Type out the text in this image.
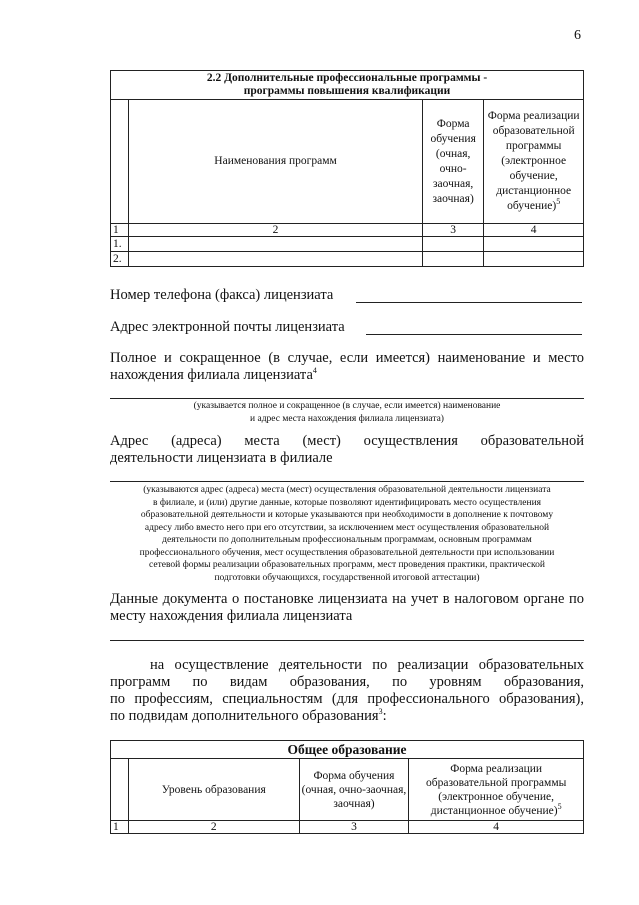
6
2.2 Дополнительные профессиональные программы -
программы повышения квалификации			
	Наименования программ	Форма обучения (очная, очно-заочная, заочная)	Форма реализации образовательной программы (электронное обучение, дистанционное обучение)$^5$
1	2	3	4
1.			
2.			
Номер телефона (факса) лицензиата
Адрес электронной почты лицензиата
Полное и сокращенное (в случае, если имеется) наименование и место нахождения филиала лицензиата$^4$
(указывается полное и сокращенное (в случае, если имеется) наименование
и адрес места нахождения филиала лицензиата)
Адрес (адреса) места (мест) осуществления образовательной
деятельности лицензиата в филиале
(указываются адрес (адреса) места (мест) осуществления образовательной деятельности лицензиата
в филиале, и (или) другие данные, которые позволяют идентифицировать место осуществления
образовательной деятельности и которые указываются при необходимости в дополнение к почтовому
адресу либо вместо него при его отсутствии, за исключением мест осуществления образовательной
деятельности по дополнительным профессиональным программам, основным программам
профессионального обучения, мест осуществления образовательной деятельности при использовании
сетевой формы реализации образовательных программ, мест проведения практики, практической
подготовки обучающихся, государственной итоговой аттестации)
Данные документа о постановке лицензиата на учет в налоговом органе по месту нахождения филиала лицензиата
на осуществление деятельности по реализации образовательных
программ по видам образования, по уровням образования,
по профессиям, специальностям (для профессионального образования),
по подвидам дополнительного образования$^3$:
Общее образование			
	Уровень образования	Форма обучения (очная, очно-заочная, заочная)	Форма реализации образовательной программы (электронное обучение, дистанционное обучение)$^5$
1	2	3	4
